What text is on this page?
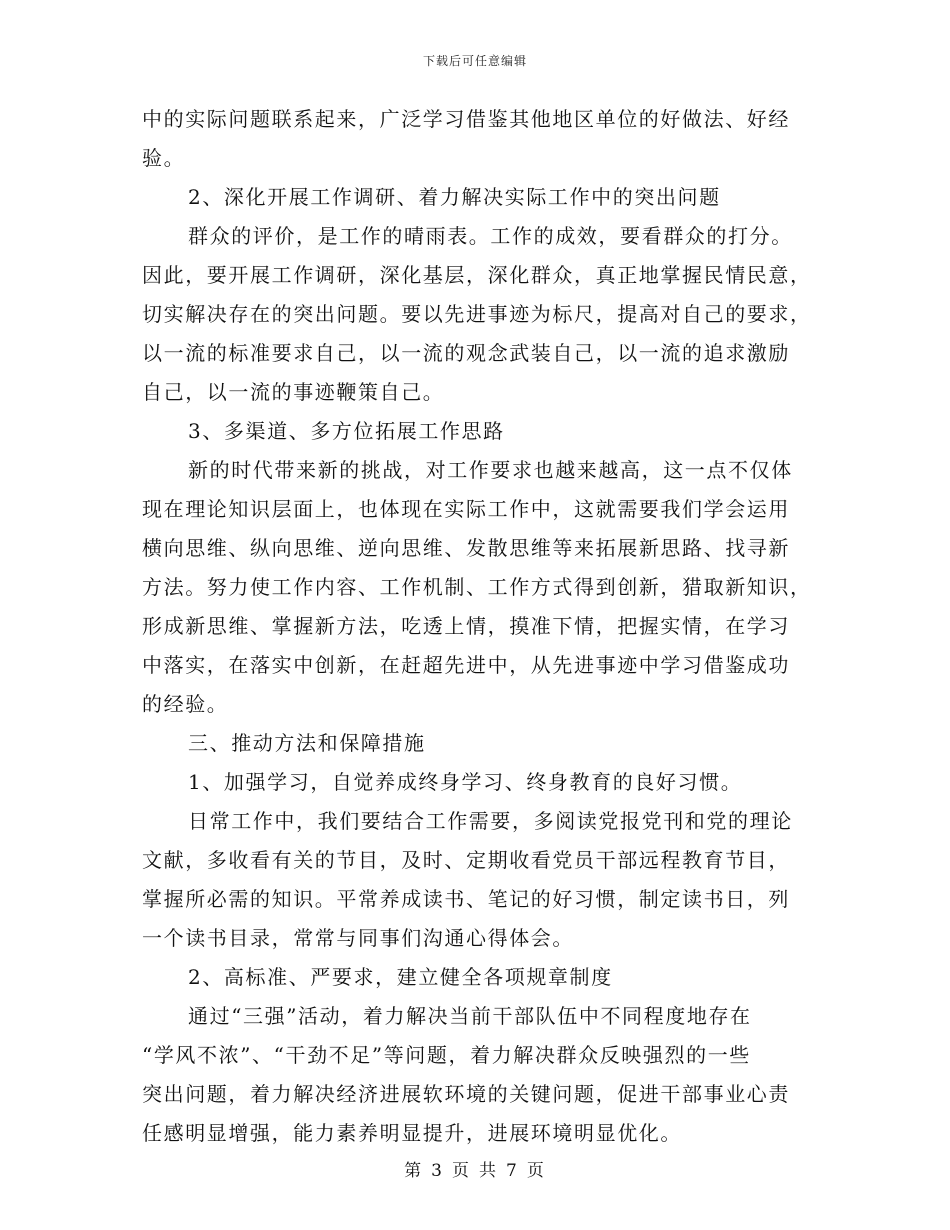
下载后可任意编辑
中的实际问题联系起来，广泛学习借鉴其他地区单位的好做法、好经
验。
2、深化开展工作调研、着力解决实际工作中的突出问题
群众的评价，是工作的晴雨表。工作的成效，要看群众的打分。
因此，要开展工作调研，深化基层，深化群众，真正地掌握民情民意，
切实解决存在的突出问题。要以先进事迹为标尺，提高对自己的要求，
以一流的标准要求自己，以一流的观念武装自己，以一流的追求激励
自己，以一流的事迹鞭策自己。
3、多渠道、多方位拓展工作思路
新的时代带来新的挑战，对工作要求也越来越高，这一点不仅体
现在理论知识层面上，也体现在实际工作中，这就需要我们学会运用
横向思维、纵向思维、逆向思维、发散思维等来拓展新思路、找寻新
方法。努力使工作内容、工作机制、工作方式得到创新，猎取新知识，
形成新思维、掌握新方法，吃透上情，摸准下情，把握实情，在学习
中落实，在落实中创新，在赶超先进中，从先进事迹中学习借鉴成功
的经验。
三、推动方法和保障措施
1、加强学习，自觉养成终身学习、终身教育的良好习惯。
日常工作中，我们要结合工作需要，多阅读党报党刊和党的理论
文献，多收看有关的节目，及时、定期收看党员干部远程教育节目，
掌握所必需的知识。平常养成读书、笔记的好习惯，制定读书日，列
一个读书目录，常常与同事们沟通心得体会。
2、高标准、严要求，建立健全各项规章制度
通过“三强”活动，着力解决当前干部队伍中不同程度地存在
“学风不浓”、“干劲不足”等问题，着力解决群众反映强烈的一些
突出问题，着力解决经济进展软环境的关键问题，促进干部事业心责
任感明显增强，能力素养明显提升，进展环境明显优化。
第 3 页 共 7 页
